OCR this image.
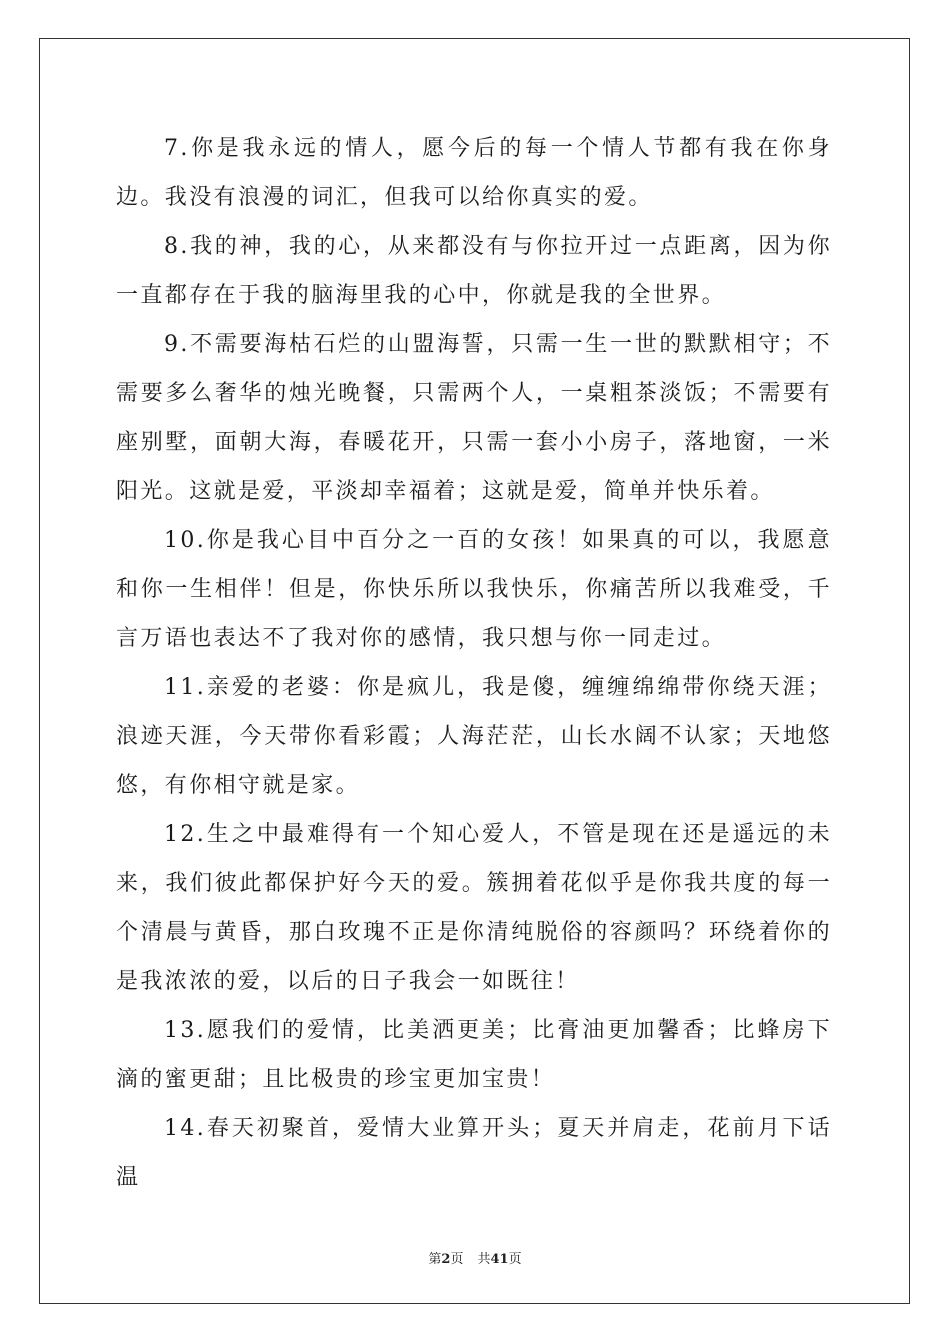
7.你是我永远的情人，愿今后的每一个情人节都有我在你身边。我没有浪漫的词汇，但我可以给你真实的爱。

8.我的神，我的心，从来都没有与你拉开过一点距离，因为你一直都存在于我的脑海里我的心中，你就是我的全世界。

9.不需要海枯石烂的山盟海誓，只需一生一世的默默相守；不需要多么奢华的烛光晚餐，只需两个人，一桌粗茶淡饭；不需要有座别墅，面朝大海，春暖花开，只需一套小小房子，落地窗，一米阳光。这就是爱，平淡却幸福着；这就是爱，简单并快乐着。

10.你是我心目中百分之一百的女孩！如果真的可以，我愿意和你一生相伴！但是，你快乐所以我快乐，你痛苦所以我难受，千言万语也表达不了我对你的感情，我只想与你一同走过。

11.亲爱的老婆：你是疯儿，我是傻，缠缠绵绵带你绕天涯；浪迹天涯，今天带你看彩霞；人海茫茫，山长水阔不认家；天地悠悠，有你相守就是家。

12.生之中最难得有一个知心爱人，不管是现在还是遥远的未来，我们彼此都保护好今天的爱。簇拥着花似乎是你我共度的每一个清晨与黄昏，那白玫瑰不正是你清纯脱俗的容颜吗？环绕着你的是我浓浓的爱，以后的日子我会一如既往！

13.愿我们的爱情，比美洒更美；比膏油更加馨香；比蜂房下滴的蜜更甜；且比极贵的珍宝更加宝贵！

14.春天初聚首，爱情大业算开头；夏天并肩走，花前月下话温

第2页 共41页
